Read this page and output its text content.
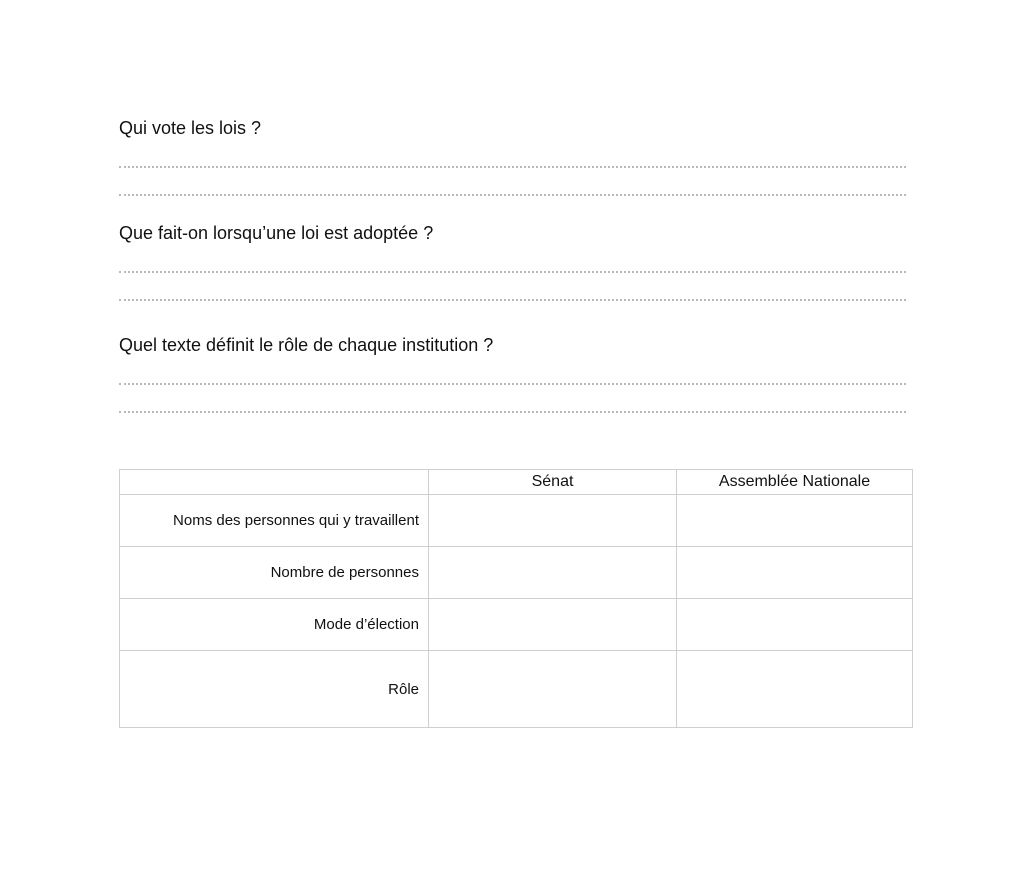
Qui vote les lois ?
Que fait-on lorsqu’une loi est adoptée ?
Quel texte définit le rôle de chaque institution ?
	Sénat	Assemblée Nationale
Noms des personnes qui y travaillent		
Nombre de personnes		
Mode d’élection		
Rôle		
